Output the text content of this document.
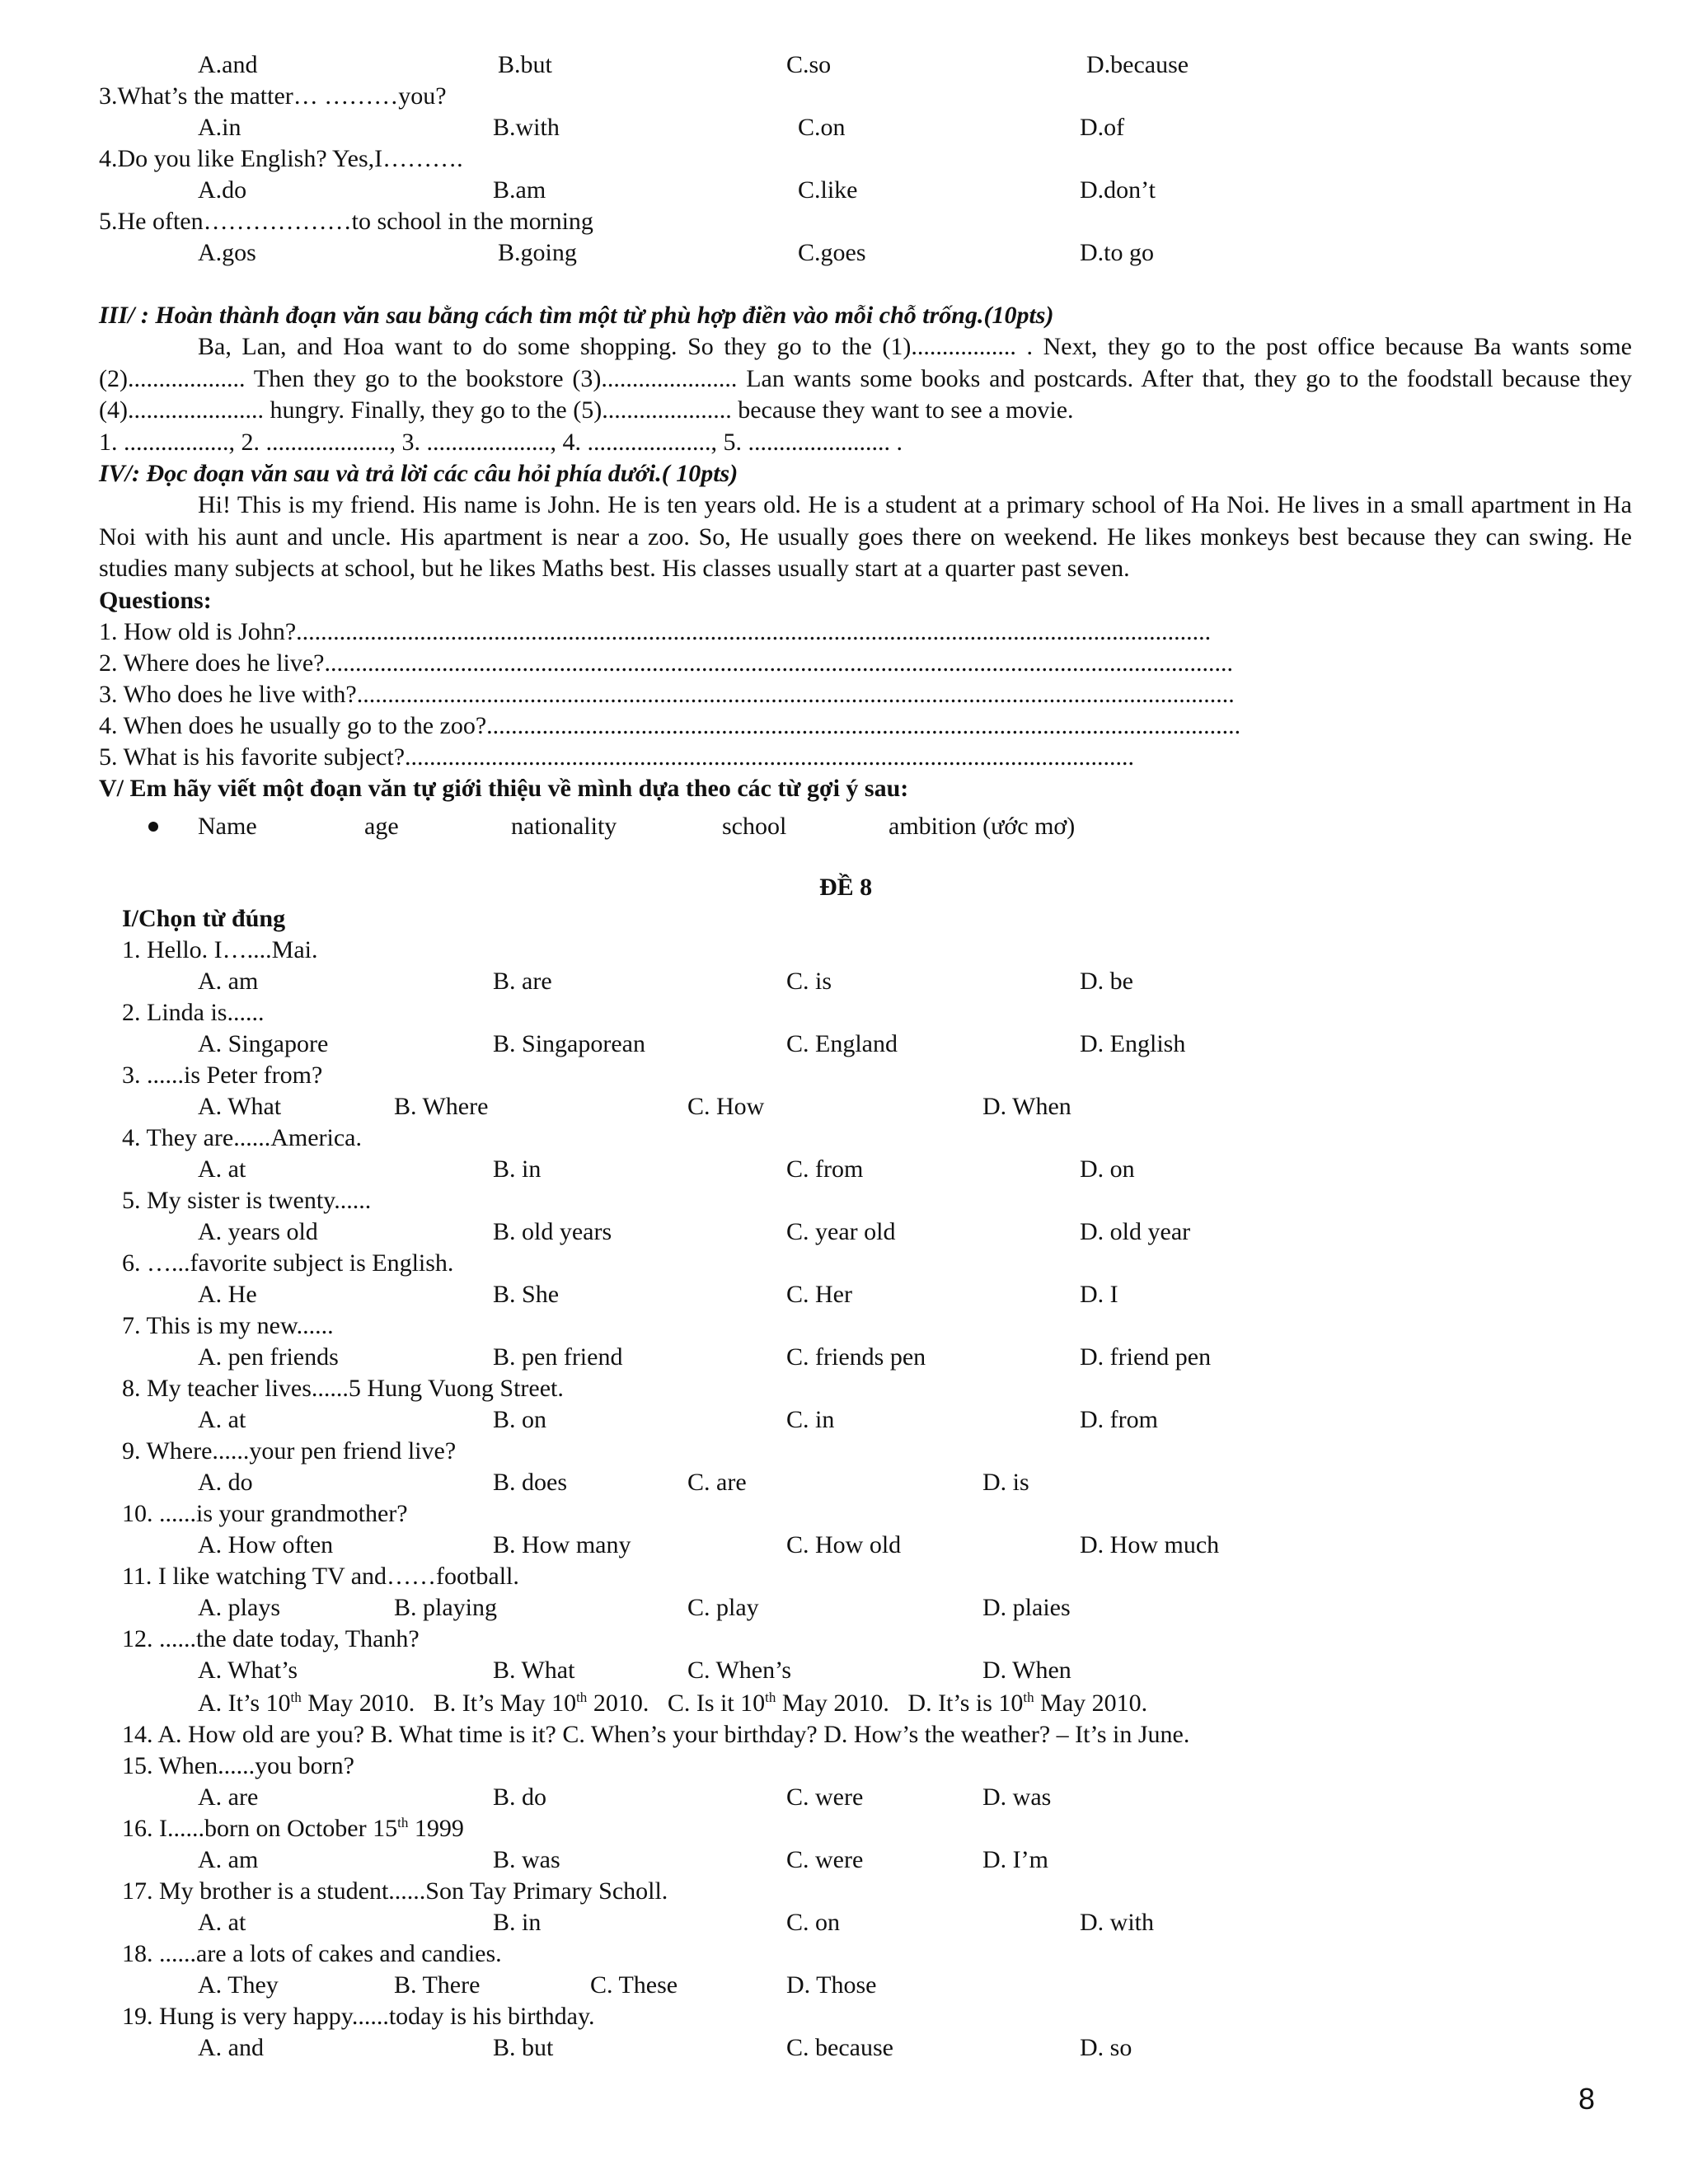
A.and	B.but	C.so	D.because
3.What’s the matter… ………you?
A.in	B.with	C.on	D.of
4.Do you like English? Yes,I……….
A.do	B.am	C.like	D.don’t
5.He often………………to school in the morning
A.gos	B.going	C.goes	D.to go
III/ : Hoàn thành đoạn văn sau bằng cách tìm một từ phù hợp điền vào mỗi chỗ trống.(10pts)
Ba, Lan, and Hoa want to do some shopping. So they go to the (1)................. . Next, they go to the post office because Ba wants some (2)................... Then they go to the bookstore (3)...................... Lan wants some books and postcards. After that, they go to the foodstall because they (4)...................... hungry. Finally, they go to the (5)..................... because they want to see a movie.
1. ................., 2. ...................., 3. ...................., 4. ...................., 5. ....................... .
IV/: Đọc đoạn văn sau và trả lời các câu hỏi phía dưới.( 10pts)
Hi! This is my friend. His name is John. He is ten years old. He is a student at a primary school of Ha Noi. He lives in a small apartment in Ha Noi with his aunt and uncle. His apartment is near a zoo. So, He usually goes there on weekend. He likes monkeys best because they can swing. He studies many subjects at school, but he likes Maths best. His classes usually start at a quarter past seven.
Questions:
1. How old is John?....................................................................................................................................................
2. Where does he live?...................................................................................................................................................
3. Who does he live with?..............................................................................................................................................
4. When does he usually go to the zoo?..........................................................................................................................
5. What is his favorite subject?......................................................................................................................
V/ Em hãy viết một đoạn văn tự giới thiệu về mình dựa theo các từ gợi ý sau:
Name	age	nationality	school	ambition (ước mơ)
ĐỀ 8
I/Chọn từ đúng
1. Hello. I…....Mai.
A. am	B. are	C. is	D. be
2. Linda is......
A. Singapore	B. Singaporean	C. England	D. English
3. ......is Peter from?
A. What	B. Where	C. How	D. When
4. They are......America.
A. at	B. in	C. from	D. on
5. My sister is twenty......
A. years old	B. old years	C. year old	D. old year
6. …...favorite subject is English.
A. He	B. She	C. Her	D. I
7. This is my new......
A. pen friends	B. pen friend	C. friends pen	D. friend pen
8. My teacher lives......5 Hung Vuong Street.
A. at	B. on	C. in	D. from
9. Where......your pen friend live?
A. do	B. does	C. are	D. is
10. ......is your grandmother?
A. How often	B. How many	C. How old	D. How much
11. I like watching TV and……football.
A. plays	B. playing	C. play	D. plaies
12. ......the date today, Thanh?
A. What’s	B. What	C. When’s	D. When
A. It’s 10th May 2010. B. It’s May 10th 2010. C. Is it 10th May 2010. D. It’s is 10th May 2010.
14. A. How old are you? B. What time is it? C. When’s your birthday? D. How’s the weather? – It’s in June.
15. When......you born?
A. are	B. do	C. were	D. was
16. I......born on October 15th 1999
A. am	B. was	C. were	D. I’m
17. My brother is a student......Son Tay Primary Scholl.
A. at	B. in	C. on	D. with
18. ......are a lots of cakes and candies.
A. They	B. There	C. These	D. Those
19. Hung is very happy......today is his birthday.
A. and	B. but	C. because	D. so
8
